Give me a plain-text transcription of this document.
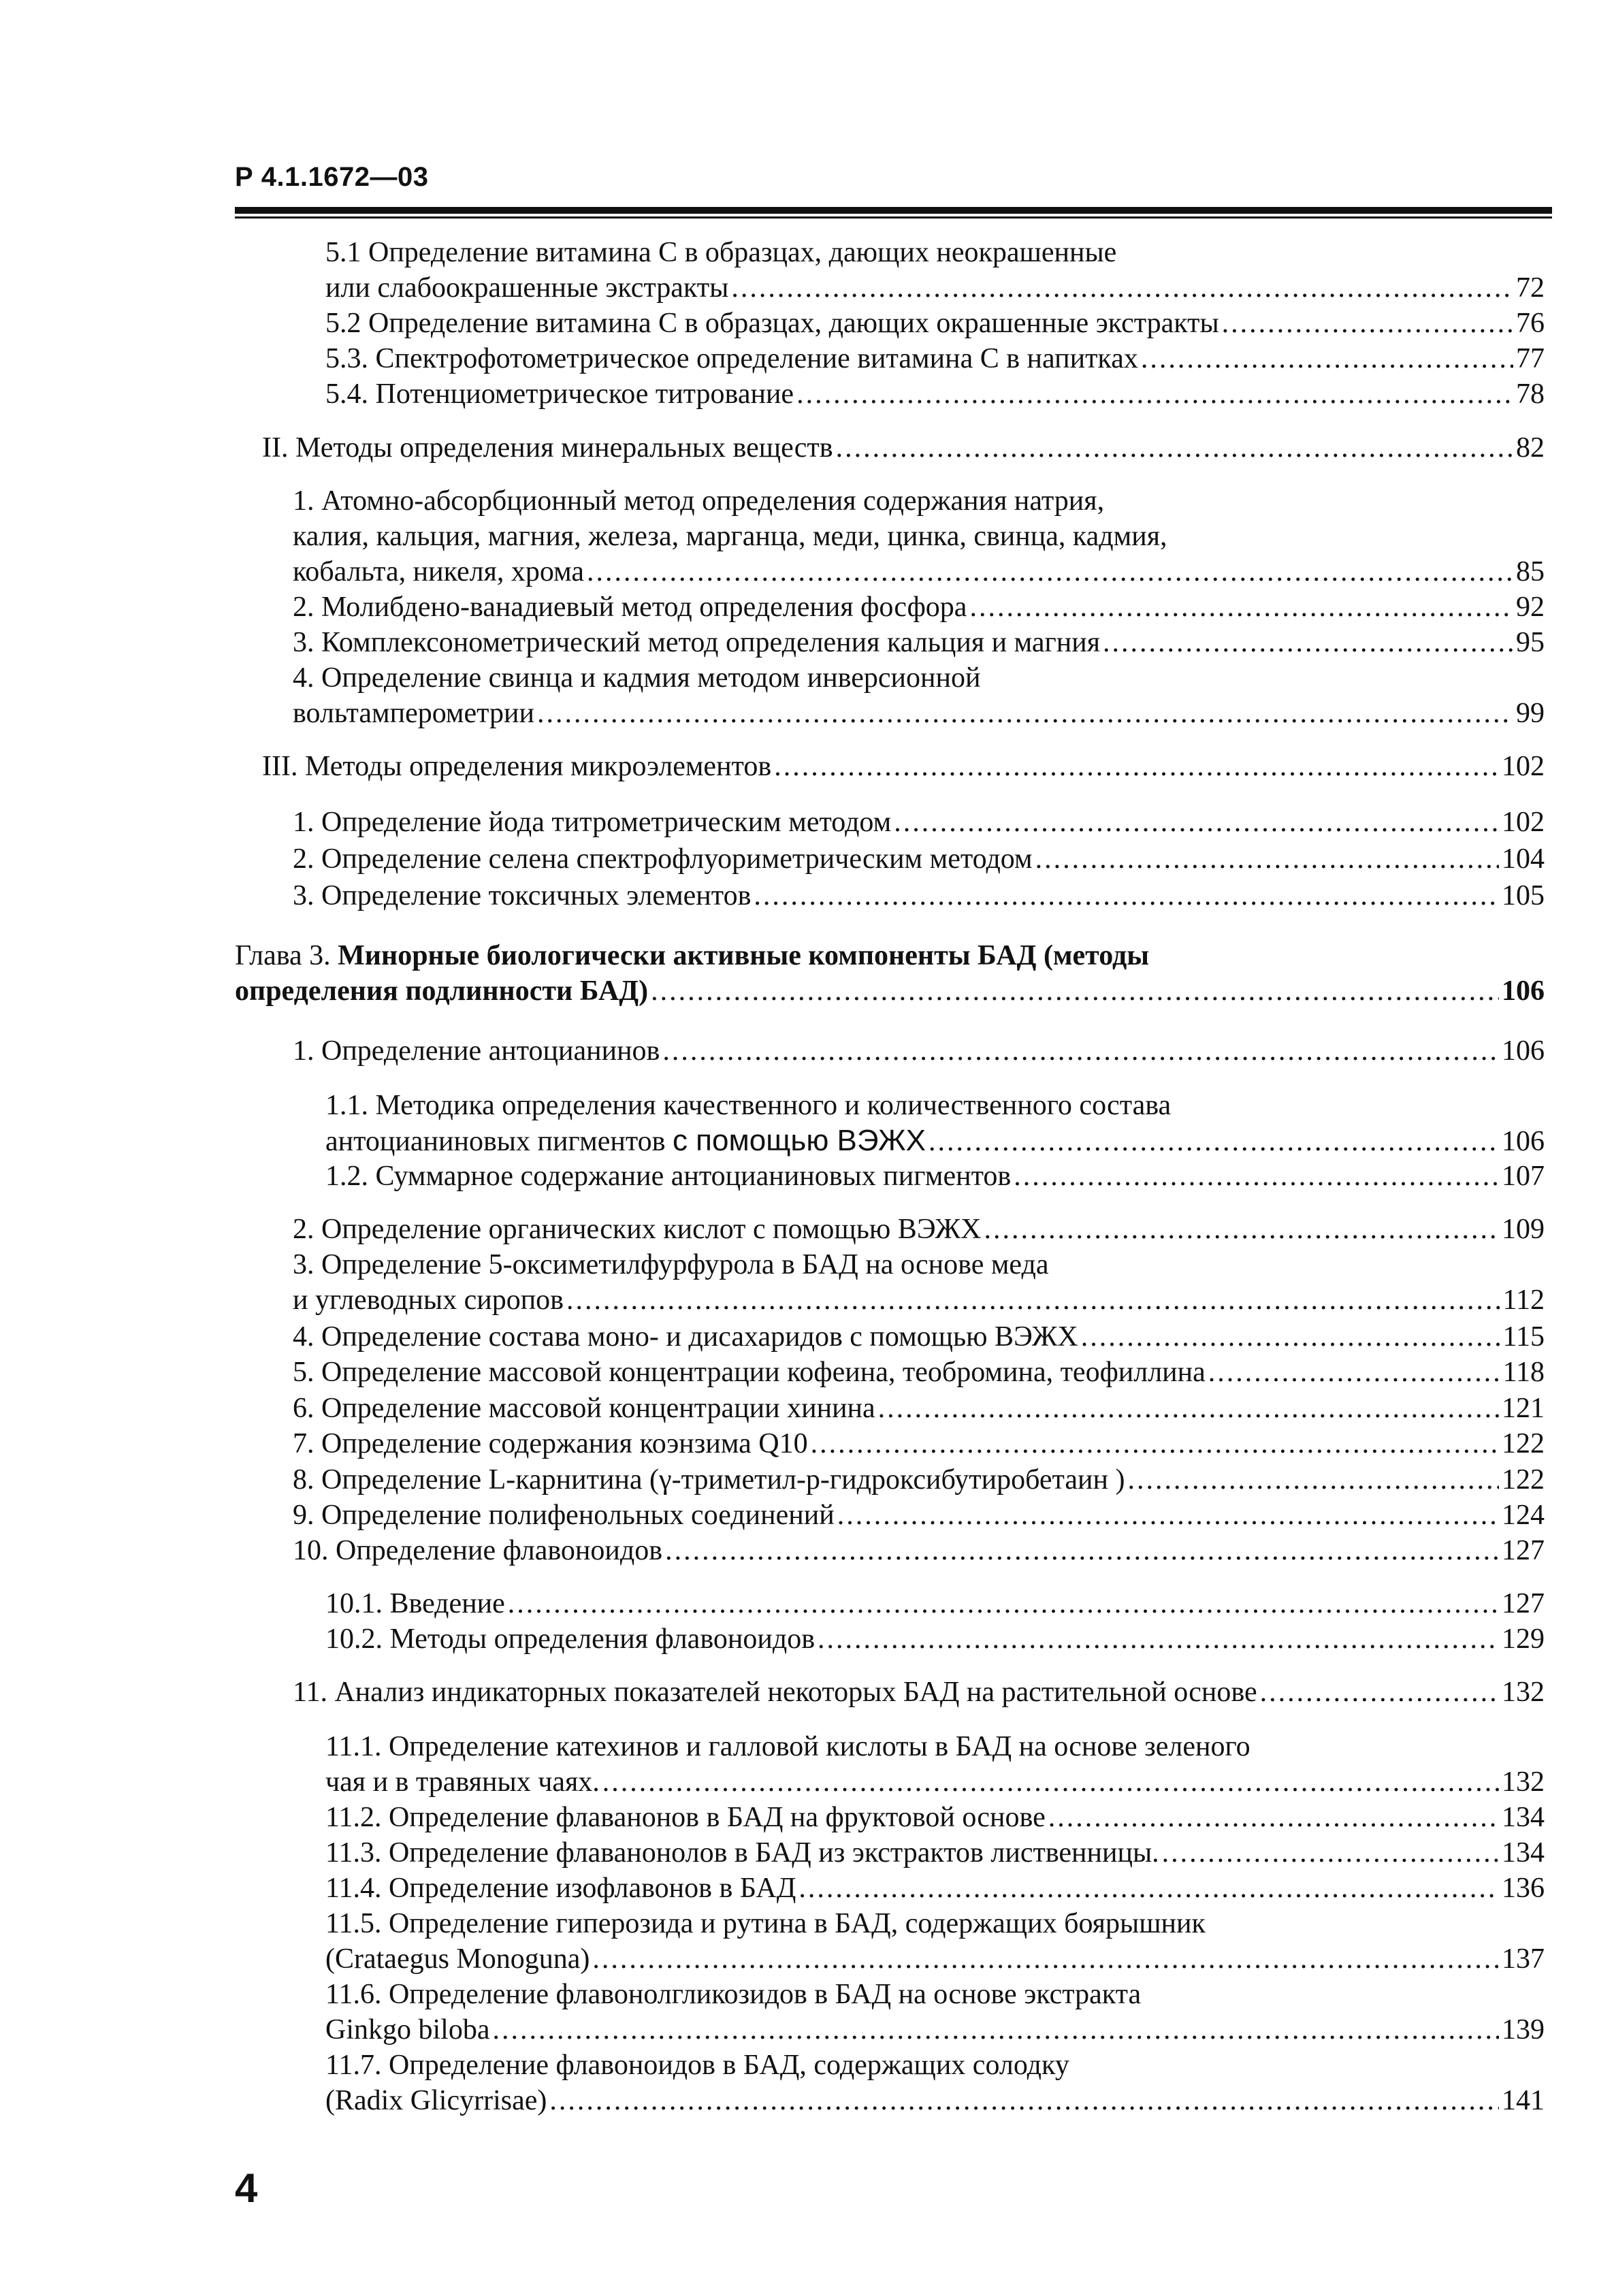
Р 4.1.1672—03
5.1 Определение витамина С в образцах, дающих неокрашенные
или слабоокрашенные экстракты .....	72
5.2 Определение витамина С в образцах, дающих окрашенные экстракты .....	76
5.3. Спектрофотометрическое определение витамина С в напитках .....	77
5.4. Потенциометрическое титрование .....	78
II. Методы определения минеральных веществ .....	82
1. Атомно-абсорбционный метод определения содержания натрия,
калия, кальция, магния, железа, марганца, меди, цинка, свинца, кадмия,
кобальта, никеля, хрома .....	85
2. Молибдено-ванадиевый метод определения фосфора .....	92
3. Комплексонометрический метод определения кальция и магния .....	95
4. Определение свинца и кадмия методом инверсионной
вольтамперометрии .....	99
III. Методы определения микроэлементов .....	102
1. Определение йода титрометрическим методом .....	102
2. Определение селена спектрофлуориметрическим методом .....	104
3. Определение токсичных элементов .....	105
Глава 3. Минорные биологически активные компоненты БАД (методы
определения подлинности БАД) .....	106
1. Определение антоцианинов .....	106
1.1. Методика определения качественного и количественного состава
антоцианиновых пигментов с помощью ВЭЖХ .....	106
1.2. Суммарное содержание антоцианиновых пигментов .....	107
2. Определение органических кислот с помощью ВЭЖХ .....	109
3. Определение 5-оксиметилфурфурола в БАД на основе меда
и углеводных сиропов .....	112
4. Определение состава моно- и дисахаридов с помощью ВЭЖХ .....	115
5. Определение массовой концентрации кофеина, теобромина, теофиллина .....	118
6. Определение массовой концентрации хинина .....	121
7. Определение содержания коэнзима Q10 .....	122
8. Определение L-карнитина (γ-триметил-р-гидроксибутиробетаин ) .....	122
9. Определение полифенольных соединений .....	124
10. Определение флавоноидов .....	127
10.1. Введение .....	127
10.2. Методы определения флавоноидов .....	129
11. Анализ индикаторных показателей некоторых БАД на растительной основе .....	132
11.1. Определение катехинов и галловой кислоты в БАД на основе зеленого
чая и в травяных чаях. .....	132
11.2. Определение флаванонов в БАД на фруктовой основе .....	134
11.3. Определение флаванонолов в БАД из экстрактов лиственницы. .....	134
11.4. Определение изофлавонов в БАД .....	136
11.5. Определение гиперозида и рутина в БАД, содержащих боярышник
(Crataegus Monoguna) .....	137
11.6. Определение флавонолгликозидов в БАД на основе экстракта
Ginkgo biloba .....	139
11.7. Определение флавоноидов в БАД, содержащих солодку
(Radix Glicyrrisae) .....	141
4
